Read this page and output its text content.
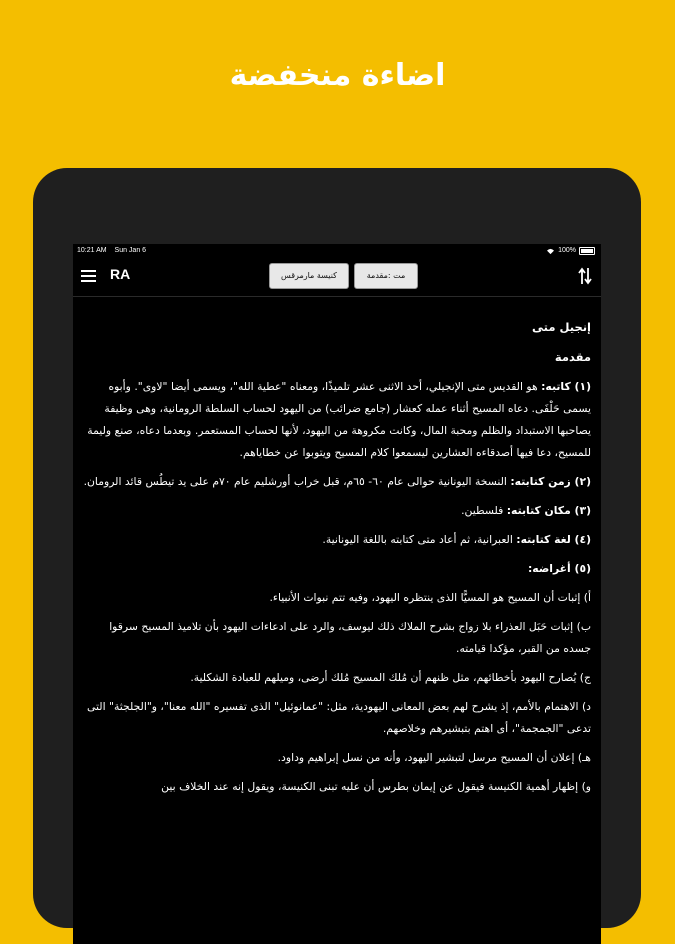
اضاءة منخفضة
10:21 AM Sun Jan 6	100%
RA	كنيسة مارمرقس	مت :مقدمة

إنجيل متى

مقدمة

(١) كاتبه: هو القديس متى الإنجيلي، أحد الاثنى عشر تلميذًا، ومعناه "عطية الله"، ويسمى أيضا "لاوى". وأبوه يسمى حَلْفَى. دعاه المسيح أثناء عمله كعشار (جامع ضرائب) من اليهود لحساب السلطة الرومانية، وهى وظيفة يصاحبها الاستبداد والظلم ومحبة المال، وكانت مكروهة من اليهود، لأنها لحساب المستعمر. وبعدما دعاه، صنع وليمة للمسيح، دعا فيها أصدقاءه العشارين ليسمعوا كلام المسيح ويتوبوا عن خطاياهم.

(٢) زمن كتابته: النسخة اليونانية حوالى عام ٦٠- ٦٥م، قبل خراب أورشليم عام ٧٠م على يد تيطُس قائد الرومان.

(٣) مكان كتابته: فلسطين.

(٤) لغة كتابته: العبرانية، ثم أعاد متى كتابته باللغة اليونانية.

(٥) أغراضه:

أ) إثبات أن المسيح هو المسيًّا الذى ينتظره اليهود، وفيه تتم نبوات الأنبياء.

ب) إثبات حَبَل العذراء بلا زواج بشرح الملاك ذلك ليوسف، والرد على ادعاءات اليهود بأن تلاميذ المسيح سرقوا جسده من القبر، مؤكدا قيامته.

ج) يُصارح اليهود بأخطائهم، مثل ظنهم أن مُلك المسيح مُلك أرضى، وميلهم للعبادة الشكلية.

د) الاهتمام بالأمم، إذ يشرح لهم بعض المعانى اليهودية، مثل: "عمانوئيل" الذى تفسيره "الله معنا"، و"الجلجثة" التى تدعى "الجمجمة"، أى اهتم بتبشيرهم وخلاصهم.

هـ) إعلان أن المسيح مرسل لتبشير اليهود، وأنه من نسل إبراهيم وداود.

و) إظهار أهمية الكنيسة فيقول عن إيمان بطرس أن عليه تبنى الكنيسة، ويقول إنه عند الخلاف بين
